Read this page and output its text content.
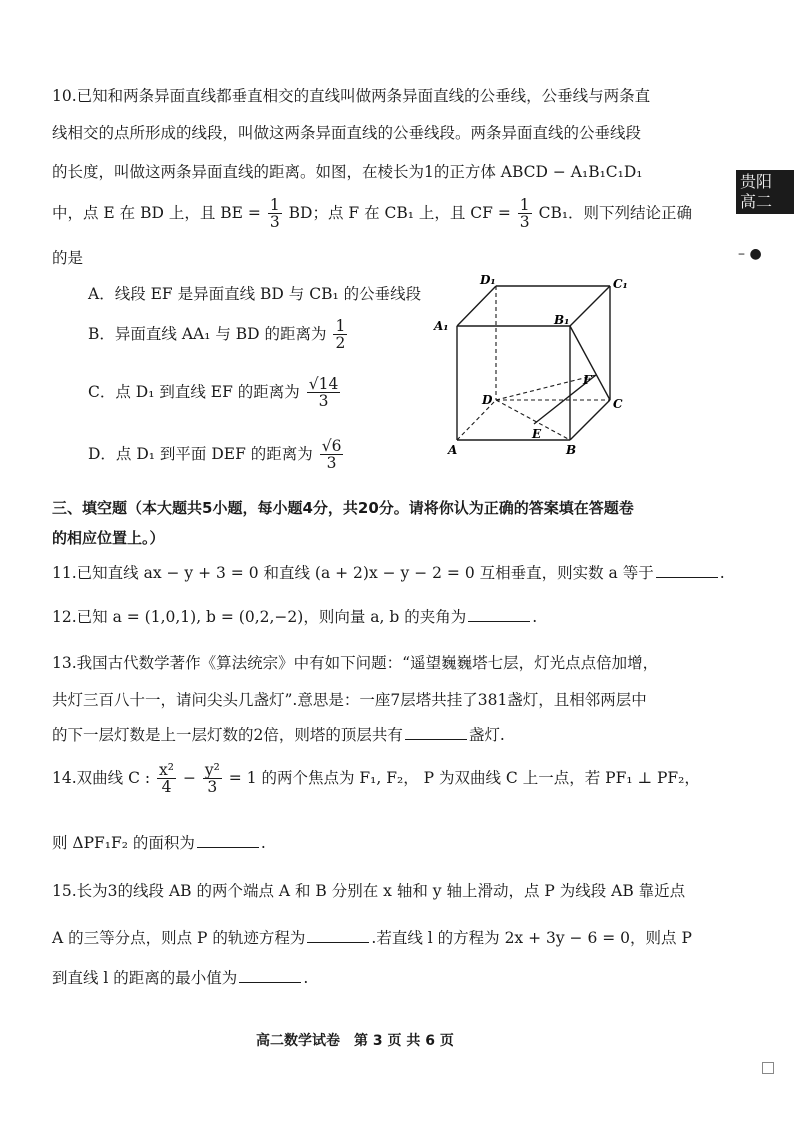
贵阳
高二
– ●
10.已知和两条异面直线都垂直相交的直线叫做两条异面直线的公垂线，公垂线与两条直
线相交的点所形成的线段，叫做这两条异面直线的公垂线段。两条异面直线的公垂线段
的长度，叫做这两条异面直线的距离。如图，在棱长为1的正方体 ABCD − A₁B₁C₁D₁
中，点 E 在 BD 上，且 BE = $\frac{1}{3}$ BD；点 F 在 CB₁ 上，且 CF = $\frac{1}{3} CB_1$．则下列结论正确
的是
A．线段 EF 是异面直线 BD 与 CB₁ 的公垂线段
B．异面直线 AA₁ 与 BD 的距离为 $\frac{1}{2}$
C．点 D₁ 到直线 EF 的距离为 $\frac{√14}{3}$
D．点 D₁ 到平面 DEF 的距离为 $\frac{√6}{3}$
D₁	C₁
A₁	B₁
D	C
A	B
E
F
三、填空题（本大题共5小题，每小题4分，共20分。请将你认为正确的答案填在答题卷
的相应位置上。）
11.已知直线 ax − y + 3 = 0 和直线 (a + 2)x − y − 2 = 0 互相垂直，则实数 a 等于	.
12.已知 a = (1,0,1), b = (0,2,−2)，则向量 a, b 的夹角为	.
13.我国古代数学著作《算法统宗》中有如下问题：“遥望巍巍塔七层，灯光点点倍加增，
共灯三百八十一，请问尖头几盏灯”.意思是：一座7层塔共挂了381盏灯，且相邻两层中
的下一层灯数是上一层灯数的2倍，则塔的顶层共有	盏灯.
14.双曲线 C : $\frac{\text{x²}}{4} - \frac{\text{y²}}{3} = 1$ 的两个焦点为 F₁, F₂， P 为双曲线 C 上一点，若 PF₁ ⊥ PF₂，
则 ΔPF₁F₂ 的面积为	.
15.长为3的线段 AB 的两个端点 A 和 B 分别在 x 轴和 y 轴上滑动，点 P 为线段 AB 靠近点
A 的三等分点，则点 P 的轨迹方程为	.若直线 l 的方程为 2x + 3y − 6 = 0，则点 P
到直线 l 的距离的最小值为	.
高二数学试卷　第 3 页 共 6 页
